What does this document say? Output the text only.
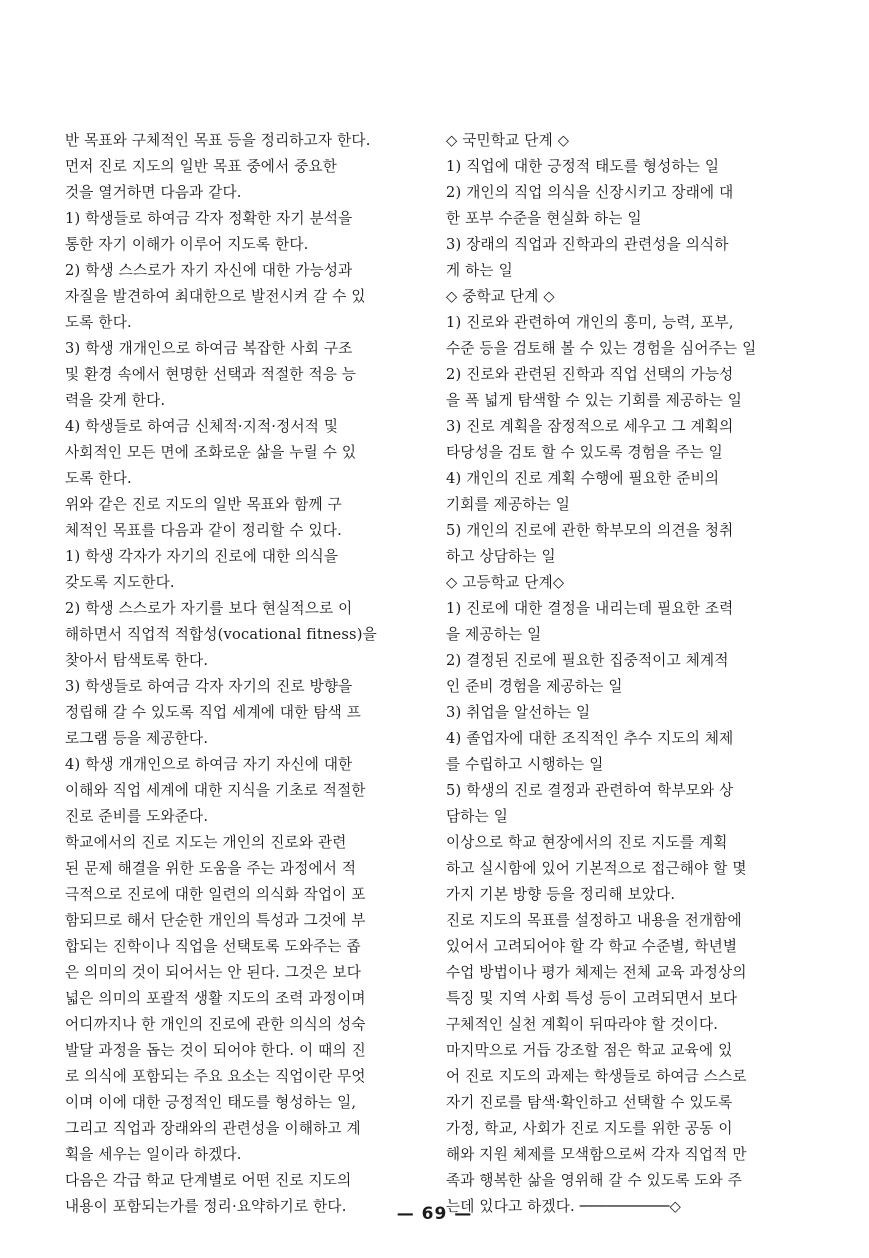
반 목표와 구체적인 목표 등을 정리하고자 한다.
먼저 진로 지도의 일반 목표 중에서 중요한
것을 열거하면 다음과 같다.
1) 학생들로 하여금 각자 정확한 자기 분석을
통한 자기 이해가 이루어 지도록 한다.
2) 학생 스스로가 자기 자신에 대한 가능성과
자질을 발견하여 최대한으로 발전시켜 갈 수 있
도록 한다.
3) 학생 개개인으로 하여금 복잡한 사회 구조
및 환경 속에서 현명한 선택과 적절한 적응 능
력을 갖게 한다.
4) 학생들로 하여금 신체적·지적·정서적 및
사회적인 모든 면에 조화로운 삶을 누릴 수 있
도록 한다.
위와 같은 진로 지도의 일반 목표와 함께 구
체적인 목표를 다음과 같이 정리할 수 있다.
1) 학생 각자가 자기의 진로에 대한 의식을
갖도록 지도한다.
2) 학생 스스로가 자기를 보다 현실적으로 이
해하면서 직업적 적합성(vocational fitness)을
찾아서 탐색토록 한다.
3) 학생들로 하여금 각자 자기의 진로 방향을
정립해 갈 수 있도록 직업 세계에 대한 탐색 프
로그램 등을 제공한다.
4) 학생 개개인으로 하여금 자기 자신에 대한
이해와 직업 세계에 대한 지식을 기초로 적절한
진로 준비를 도와준다.
학교에서의 진로 지도는 개인의 진로와 관련
된 문제 해결을 위한 도움을 주는 과정에서 적
극적으로 진로에 대한 일련의 의식화 작업이 포
함되므로 해서 단순한 개인의 특성과 그것에 부
합되는 진학이나 직업을 선택토록 도와주는 좁
은 의미의 것이 되어서는 안 된다. 그것은 보다
넓은 의미의 포괄적 생활 지도의 조력 과정이며
어디까지나 한 개인의 진로에 관한 의식의 성숙
발달 과정을 돕는 것이 되어야 한다. 이 때의 진
로 의식에 포함되는 주요 요소는 직업이란 무엇
이며 이에 대한 긍정적인 태도를 형성하는 일,
그리고 직업과 장래와의 관련성을 이해하고 계
획을 세우는 일이라 하겠다.
다음은 각급 학교 단계별로 어떤 진로 지도의
내용이 포함되는가를 정리·요약하기로 한다.
◇ 국민학교 단계 ◇
1) 직업에 대한 긍정적 태도를 형성하는 일
2) 개인의 직업 의식을 신장시키고 장래에 대
한 포부 수준을 현실화 하는 일
3) 장래의 직업과 진학과의 관련성을 의식하
게 하는 일
◇ 중학교 단계 ◇
1) 진로와 관련하여 개인의 흥미, 능력, 포부,
수준 등을 검토해 볼 수 있는 경험을 심어주는 일
2) 진로와 관련된 진학과 직업 선택의 가능성
을 폭 넓게 탐색할 수 있는 기회를 제공하는 일
3) 진로 계획을 잠정적으로 세우고 그 계획의
타당성을 검토 할 수 있도록 경험을 주는 일
4) 개인의 진로 계획 수행에 필요한 준비의
기회를 제공하는 일
5) 개인의 진로에 관한 학부모의 의견을 청취
하고 상담하는 일
◇ 고등학교 단계◇
1) 진로에 대한 결정을 내리는데 필요한 조력
을 제공하는 일
2) 결정된 진로에 필요한 집중적이고 체계적
인 준비 경험을 제공하는 일
3) 취업을 알선하는 일
4) 졸업자에 대한 조직적인 추수 지도의 체제
를 수립하고 시행하는 일
5) 학생의 진로 결정과 관련하여 학부모와 상
담하는 일
이상으로 학교 현장에서의 진로 지도를 계획
하고 실시함에 있어 기본적으로 접근해야 할 몇
가지 기본 방향 등을 정리해 보았다.
진로 지도의 목표를 설정하고 내용을 전개함에
있어서 고려되어야 할 각 학교 수준별, 학년별
수업 방법이나 평가 체제는 전체 교육 과정상의
특징 및 지역 사회 특성 등이 고려되면서 보다
구체적인 실천 계획이 뒤따라야 할 것이다.
마지막으로 거듭 강조할 점은 학교 교육에 있
어 진로 지도의 과제는 학생들로 하여금 스스로
자기 진로를 탐색·확인하고 선택할 수 있도록
가정, 학교, 사회가 진로 지도를 위한 공동 이
해와 지원 체제를 모색함으로써 각자 직업적 만
족과 행복한 삶을 영위해 갈 수 있도록 도와 주
는데 있다고 하겠다. ──────────◇
— 69 —
